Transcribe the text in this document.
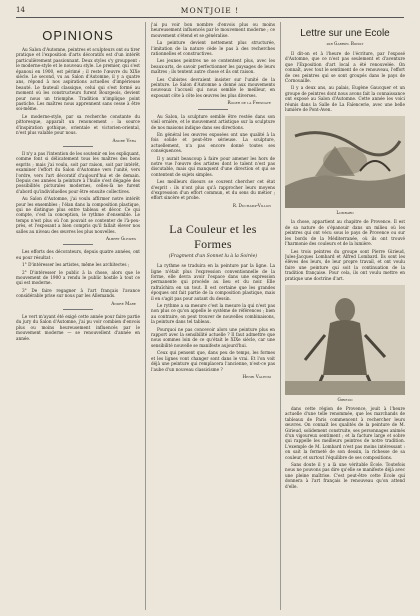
14	MONTJOIE !
OPINIONS

Au Salon d'Automne, peintres et sculpteurs ont su tirer pratique et l'exposition d'arts décoratifs est d'un intérêt particulièrement passionnant. Deux styles s'y grouppent : le moderne-style et le nouveau style. Le premier, qui s'est épanoui en 1900, est périmé ; il reste l'œuvre du XIXe siècle. Le second, vu au Salon d'Automne, il y a quatre ans, répond à nos aspirations actuelles d'impérieuse beauté. Le fauteuil classique, celui qui s'est formé au moment où les constructeurs furent Bourgeois, devient pour nous un triomphe. Tradition n'implique point pastiche. Les maîtres nous apprennent sans cesse à être soi-même.

Le moderne-style, par sa recherche constante du pittoresque, apparaît un renoncement : la source d'inspiration gothique, orientale et victorien-oriental, n'est plus valable pour nous.

André Véra

Il n'y a pas l'intention de les soutenir en les expliquant, comme font si délicatement tous les maîtres des bons esprits ; mais j'ai voulu, soit par raison, soit par intérêt, examiner l'effort du Salon d'Automne vers l'unité, vers l'ordre, vers l'art décoratif d'aujourd'hui et de demain. Depuis ces années la peinture à l'huile s'est dégagée des possibilités picturales modernes, celles-là ne furent d'abord qu'individuelles pour être ensuite collectives.

Au Salon d'Automne, j'ai voulu affirmer notre intérêt pour les ensembles ; l'élan dans la composition plastique, qui ne distingue plus entre tableau et décor. Ce qui compte, c'est la conception, le rythme d'ensemble. Le temps n'est plus où l'on pouvait se contenter de l'à-peu-près, et l'exposant a bien compris qu'il fallait élever nos salles au niveau des œuvres les plus nouvelles.

Albert Gleizes

Les efforts des décorateurs, depuis quatre années, ont eu pour résultat :

1° D'intéresser les artistes, même les architectes ;

2° D'intéresser le public à la chose, alors que le mouvement de 1900 a rendu le public hostile à tout ce qui est moderne.

3° De faire regagner à l'art français l'avance considérable prise sur nous par les Allemands.

André Mare

Le vert m'ayant été exigé cette année pour faire partie du jury du Salon d'Automne, j'ai pu voir combien d'envois plus ou moins heureusement influencés par le mouvement moderne — se renouvellent d'année en année.

j'ai pu voir bon nombre d'envois plus ou moins heureusement influencés par le mouvement moderne ; ce mouvement s'étend et se généralise.

La peinture devient nettement plus structurée, l'imitation de la nature cède le pas à des recherches rationnelles et constructives.

Les jeunes peintres ne se contentent plus, avec les beaux-arts, de savoir perfectionner les paysages de leurs maîtres ; ils tentent autre chose et ils ont raison.

Les Cubistes devraient insister sur l'unité de la peinture. Le Salon d'Automne a donné aux mouvements nouveaux l'accueil qui nous semble le meilleur, en exposant côte à côte les œuvres les plus diverses.

Roger de la Fresnaye

Au Salon, la sculpture semble être restée dans son vieil ornière, et le mouvement artistique sur la sculpture de nos maisons indique dans ses directions.

En général les œuvres exposées ont une qualité à la fois solide et peut-être sérieuse. La sculpture, actuellement, n'a pas encore donné toutes ses conséquences.

Il y aurait beaucoup à faire pour amener les hors de notre vue l'œuvre des artistes dont le talent n'est pas discutable, mais qui manquent d'une direction et qui se contentent de sujets simples.

Les meilleurs diseurs se courent chercher cet état d'esprit : ils n'ont plus qu'à rapprocher leurs moyens d'expression d'un effort commun, et du sens du métier ; effort sincère et probe.

R. Duchamp-Villon
La Couleur et les Formes
(Fragment d'un Sonnet lu à la Soirée)

La rythme se traduira en la peinture par la ligne. La ligne n'était plus l'expression conventionnelle de la forme, elle devra avoir l'espace dans une expression permanente qui procède au lieu et du noir. Elle rafraîchira en un tout. Il est certaine que les grandes époques ont fait partie de la composition plastique, mais il en s'agit pas pour autant du dessin.

Le rythme a sa mesure c'est la mesure la qui n'est pas non plus ce qu'on appelle le système de références ; bien au contraire, on peut trouver de nouvelles combinaisons, la peinture dans tel tableau.

Pourquoi ne pas concevoir alors une peinture plus en rapport avec la sensibilité actuelle ? Il faut admettre que nous sommes loin de ce qu'était le XIXe siècle, car une sensibilité nouvelle se manifeste aujourd'hui.

Ceux qui pensent que, dans peu de temps, les formes et les lignes vont changer sont dans le vrai. Et l'on voit déjà une peinture qui remplacera l'ancienne, n'est-ce pas l'aube d'un nouveau classicisme ?

Henri Valensi
Lettre sur une Ecole
par Gabriel Boissy

Il dit-on et à l'heure de l'écriture, par l'exposé d'Automne, que ce n'est pas seulement et d'aventure que l'Exposition d'art local a été renouvelée. On connaît, avec tout le sentiment de ce renouveau, l'effort de ces peintres qui se sont groupés dans le pays de Cornouaille.

Il y a deux ans, au palais, Eugène Gaucquer et un groupe de peintres dont nous avons fait la connaissance ont exposé au Salon d'Automne. Cette année les voici réunis dans la Salle de La Faïencerie, avec une belle lumière de Pont-Aven.

Lombard

la chose, appartient au chapitre de Provence. Il est de sa nature de s'épanouir dans un milieu où les peintres qui ont vécu sous le pays de Provence ou sur les bords de la Méditerranée, où ils ont trouvé l'harmonie des couleurs et de la lumière.

Les trois peintres du groupe sont Pierre Girieud, Jules-Jacques Lombard et Alfred Lombard. Ils sont les élèves des leurs, de leur propre travail, et ont voulu faire une peinture qui soit la continuation de la tradition française. Pour cela, ils ont voulu mettre en pratique une doctrine d'art.

Girieud

dans cette région de Provence, jouit à l'heure actuelle d'une telle renommée, que les marchands de tableaux de Paris commencent à rechercher leurs œuvres. On connaît les qualités de la peinture de M. Girieud, solidement construite, ses personnages animés d'un vigoureux sentiment ; et la facture large et sobre qui rappelle les meilleurs peintres de notre tradition. L'exemple de M. Lombard n'est pas moins intéressant : on sait la fermeté de son dessin, la richesse de sa couleur, et surtout l'équilibre de ses compositions.

Sans doute il y a là une véritable École. Toutefois nous ne pouvons pas dire qu'elle se manifeste déjà avec une pleine maîtrise. C'est peut-être cette École qui donnera à l'art français le renouveau qu'on attend d'elle.
